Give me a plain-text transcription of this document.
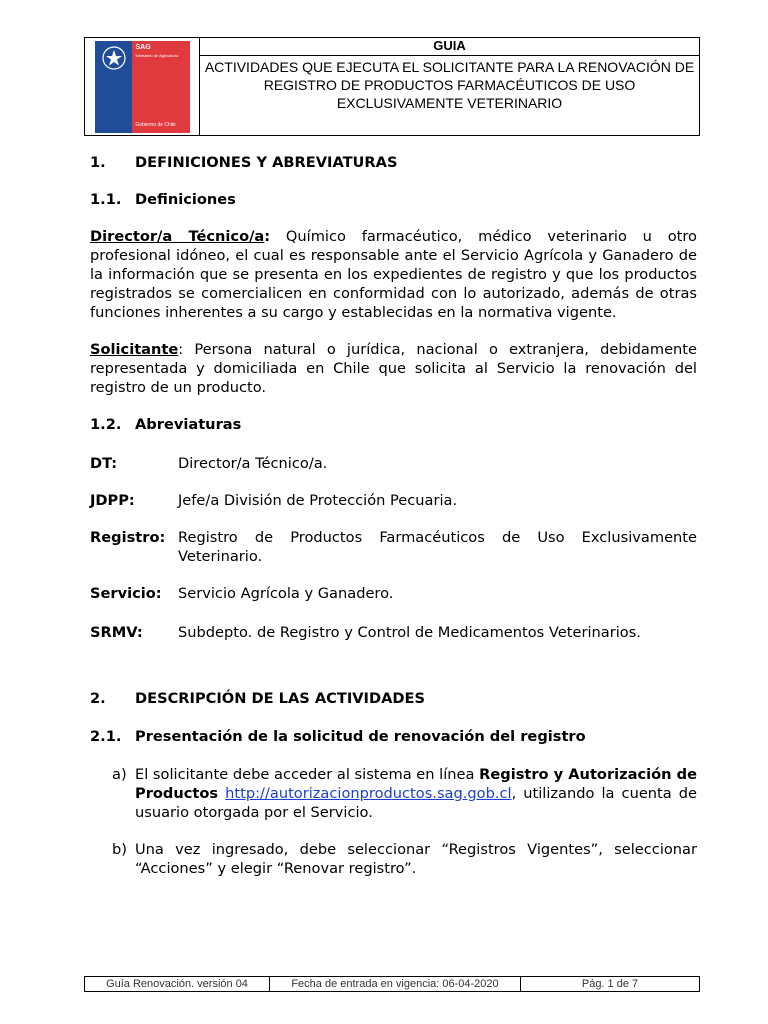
SAG
Ministerio de Agricultura
Gobierno de Chile
GUIA
ACTIVIDADES QUE EJECUTA EL SOLICITANTE PARA LA RENOVACIÓN DE REGISTRO DE PRODUCTOS FARMACÉUTICOS DE USO EXCLUSIVAMENTE VETERINARIO
1.	DEFINICIONES Y ABREVIATURAS
1.1. Definiciones

Director/a Técnico/a: Químico farmacéutico, médico veterinario u otro profesional idóneo, el cual es responsable ante el Servicio Agrícola y Ganadero de la información que se presenta en los expedientes de registro y que los productos registrados se comercialicen en conformidad con lo autorizado, además de otras funciones inherentes a su cargo y establecidas en la normativa vigente.

Solicitante: Persona natural o jurídica, nacional o extranjera, debidamente representada y domiciliada en Chile que solicita al Servicio la renovación del registro de un producto.

1.2. Abreviaturas
DT:	Director/a Técnico/a.
JDPP:	Jefe/a División de Protección Pecuaria.
Registro: Registro de Productos Farmacéuticos de Uso Exclusivamente Veterinario.
Servicio:	Servicio Agrícola y Ganadero.
SRMV:	Subdepto. de Registro y Control de Medicamentos Veterinarios.
2.	DESCRIPCIÓN DE LAS ACTIVIDADES
2.1. Presentación de la solicitud de renovación del registro
a) El solicitante debe acceder al sistema en línea Registro y Autorización de Productos http://autorizacionproductos.sag.gob.cl, utilizando la cuenta de usuario otorgada por el Servicio.
b) Una vez ingresado, debe seleccionar “Registros Vigentes”, seleccionar “Acciones” y elegir “Renovar registro”.
Guía Renovación. versión 04	Fecha de entrada en vigencia: 06-04-2020	Pág. 1 de 7
